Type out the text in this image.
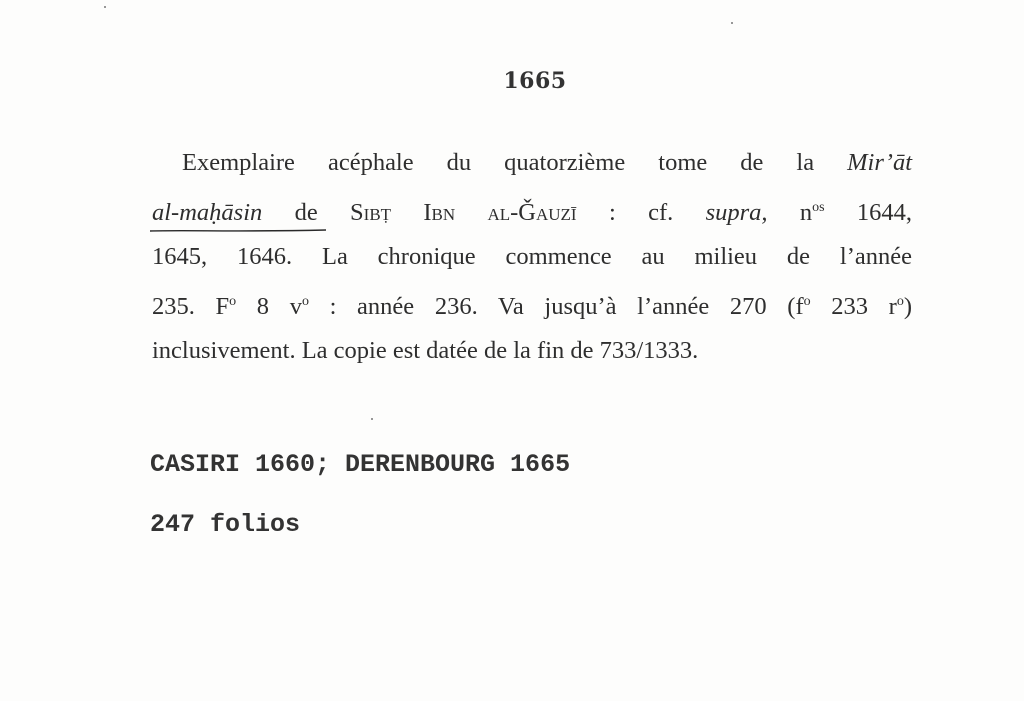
1665
Exemplaire acéphale du quatorzième tome de la Mir’āt
al-maḥāsin de
Sibṭ Ibn al-Ǧauzī : cf. supra, $n^{os}$ 1644,
1645, 1646. La chronique commence au milieu de l’année
235. $F^o$ 8 $v^o$ : année 236. Va jusqu’à l’année 270 ($f^o$ 233 $r^o$)
inclusivement. La copie est datée de la fin de 733/1333.
CASIRI 1660; DERENBOURG 1665
247 folios
